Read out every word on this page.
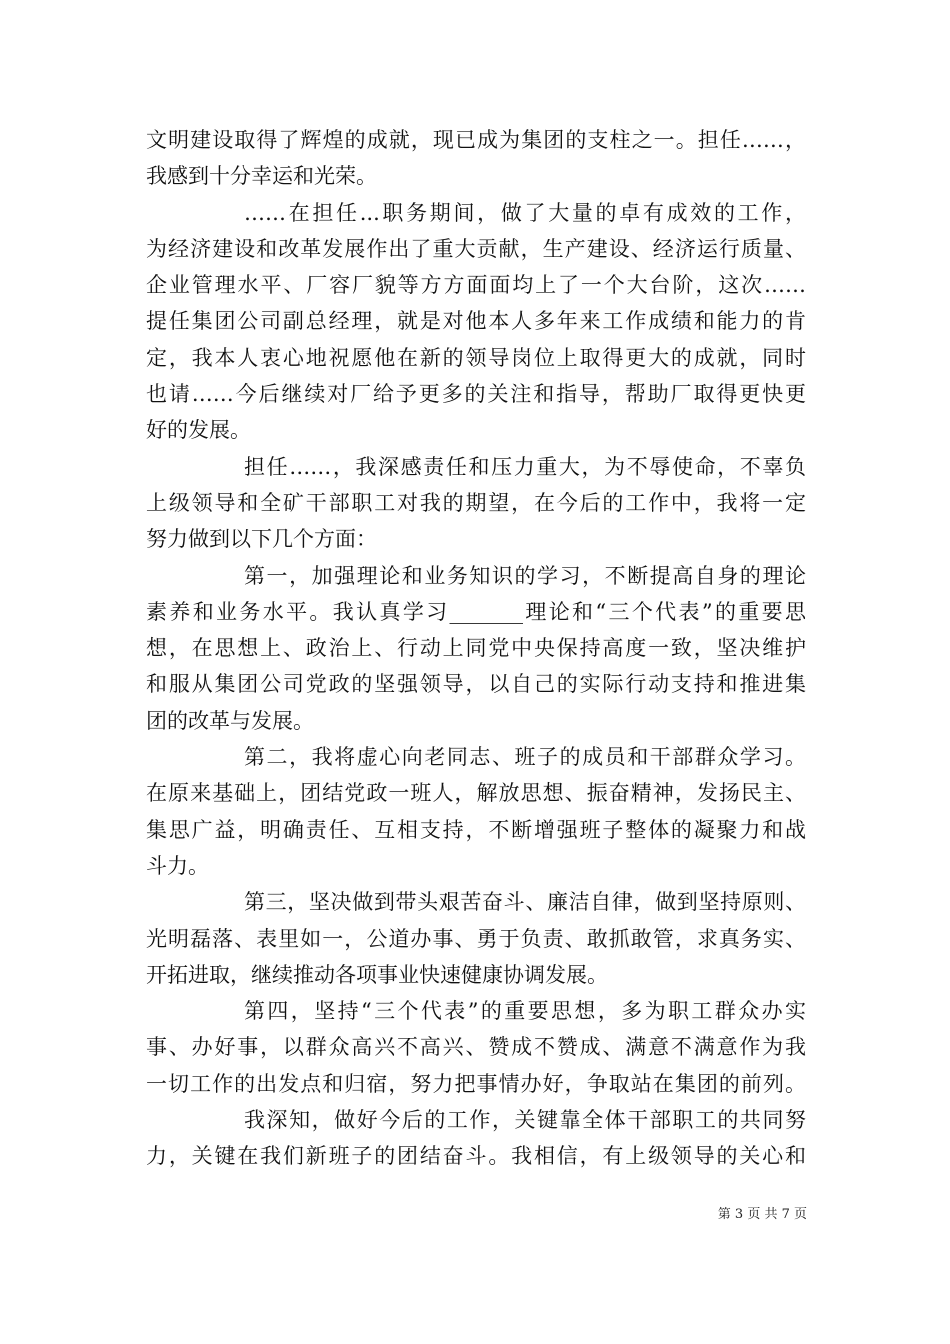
文明建设取得了辉煌的成就，现已成为集团的支柱之一。担任……，
我感到十分幸运和光荣。
……在担任...职务期间，做了大量的卓有成效的工作，
为经济建设和改革发展作出了重大贡献，生产建设、经济运行质量、
企业管理水平、厂容厂貌等方方面面均上了一个大台阶，这次……
提任集团公司副总经理，就是对他本人多年来工作成绩和能力的肯
定，我本人衷心地祝愿他在新的领导岗位上取得更大的成就，同时
也请……今后继续对厂给予更多的关注和指导，帮助厂取得更快更
好的发展。
担任……，我深感责任和压力重大，为不辱使命，不辜负
上级领导和全矿干部职工对我的期望，在今后的工作中，我将一定
努力做到以下几个方面：
第一，加强理论和业务知识的学习，不断提高自身的理论
素养和业务水平。我认真学习_______理论和“三个代表”的重要思
想，在思想上、政治上、行动上同党中央保持高度一致，坚决维护
和服从集团公司党政的坚强领导，以自己的实际行动支持和推进集
团的改革与发展。
第二，我将虚心向老同志、班子的成员和干部群众学习。
在原来基础上，团结党政一班人，解放思想、振奋精神，发扬民主、
集思广益，明确责任、互相支持，不断增强班子整体的凝聚力和战
斗力。
第三，坚决做到带头艰苦奋斗、廉洁自律，做到坚持原则、
光明磊落、表里如一，公道办事、勇于负责、敢抓敢管，求真务实、
开拓进取，继续推动各项事业快速健康协调发展。
第四，坚持“三个代表”的重要思想，多为职工群众办实
事、办好事，以群众高兴不高兴、赞成不赞成、满意不满意作为我
一切工作的出发点和归宿，努力把事情办好，争取站在集团的前列。
我深知，做好今后的工作，关键靠全体干部职工的共同努
力，关键在我们新班子的团结奋斗。我相信，有上级领导的关心和
第 3 页 共 7 页
